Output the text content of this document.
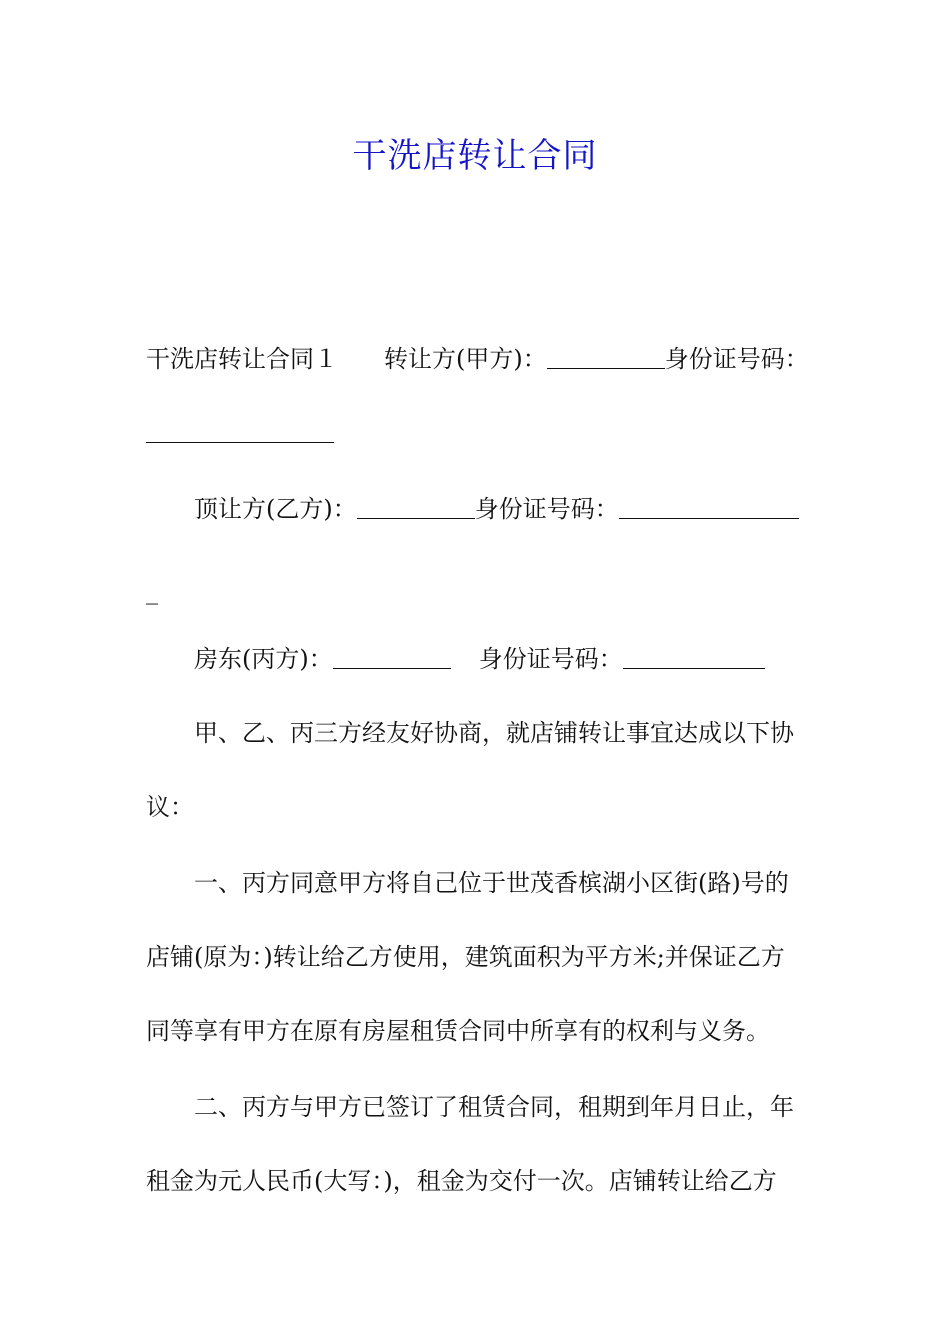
干洗店转让合同
干洗店转让合同１ 转让方(甲方)：	身份证号码：
顶让方(乙方)：	身份证号码：
_
房东(丙方)：	身份证号码：
甲、乙、丙三方经友好协商，就店铺转让事宜达成以下协
议：
一、丙方同意甲方将自己位于世茂香槟湖小区街(路)号的
店铺(原为：)转让给乙方使用，建筑面积为平方米;并保证乙方
同等享有甲方在原有房屋租赁合同中所享有的权利与义务。
二、丙方与甲方已签订了租赁合同，租期到年月日止，年
租金为元人民币(大写：)，租金为交付一次。店铺转让给乙方
